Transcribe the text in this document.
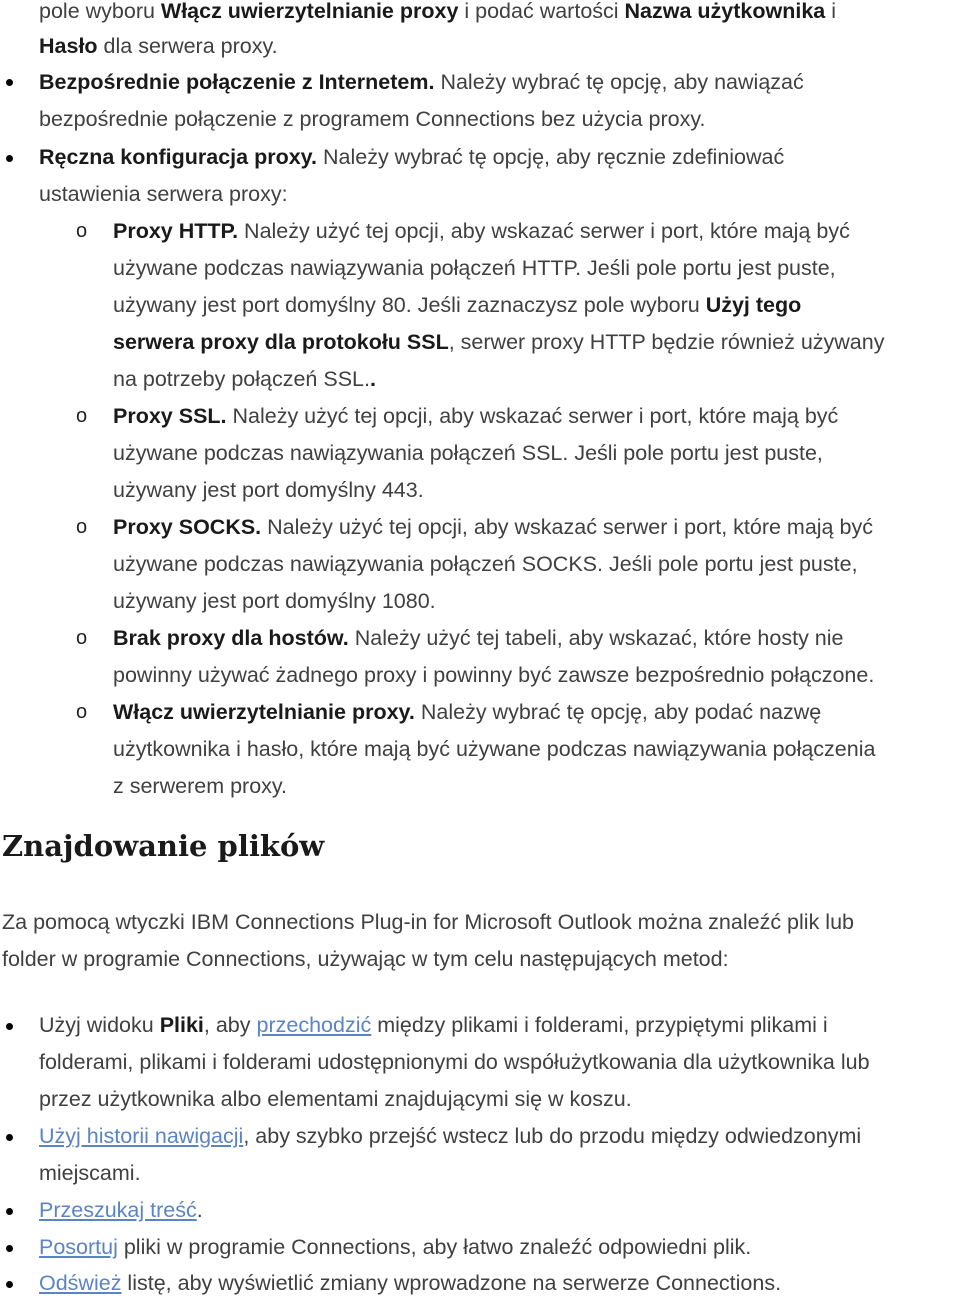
pole wyboru Włącz uwierzytelnianie proxy i podać wartości Nazwa użytkownika i
Hasło dla serwera proxy.
Bezpośrednie połączenie z Internetem. Należy wybrać tę opcję, aby nawiązać
bezpośrednie połączenie z programem Connections bez użycia proxy.
Ręczna konfiguracja proxy. Należy wybrać tę opcję, aby ręcznie zdefiniować
ustawienia serwera proxy:
o Proxy HTTP. Należy użyć tej opcji, aby wskazać serwer i port, które mają być
używane podczas nawiązywania połączeń HTTP. Jeśli pole portu jest puste,
używany jest port domyślny 80. Jeśli zaznaczysz pole wyboru Użyj tego
serwera proxy dla protokołu SSL, serwer proxy HTTP będzie również używany
na potrzeby połączeń SSL..
o Proxy SSL. Należy użyć tej opcji, aby wskazać serwer i port, które mają być
używane podczas nawiązywania połączeń SSL. Jeśli pole portu jest puste,
używany jest port domyślny 443.
o Proxy SOCKS. Należy użyć tej opcji, aby wskazać serwer i port, które mają być
używane podczas nawiązywania połączeń SOCKS. Jeśli pole portu jest puste,
używany jest port domyślny 1080.
o Brak proxy dla hostów. Należy użyć tej tabeli, aby wskazać, które hosty nie
powinny używać żadnego proxy i powinny być zawsze bezpośrednio połączone.
o Włącz uwierzytelnianie proxy. Należy wybrać tę opcję, aby podać nazwę
użytkownika i hasło, które mają być używane podczas nawiązywania połączenia
z serwerem proxy.
Znajdowanie plików
Za pomocą wtyczki IBM Connections Plug-in for Microsoft Outlook można znaleźć plik lub
folder w programie Connections, używając w tym celu następujących metod:
Użyj widoku Pliki, aby przechodzić między plikami i folderami, przypiętymi plikami i
folderami, plikami i folderami udostępnionymi do współużytkowania dla użytkownika lub
przez użytkownika albo elementami znajdującymi się w koszu.
Użyj historii nawigacji, aby szybko przejść wstecz lub do przodu między odwiedzonymi
miejscami.
Przeszukaj treść.
Posortuj pliki w programie Connections, aby łatwo znaleźć odpowiedni plik.
Odśwież listę, aby wyświetlić zmiany wprowadzone na serwerze Connections.
